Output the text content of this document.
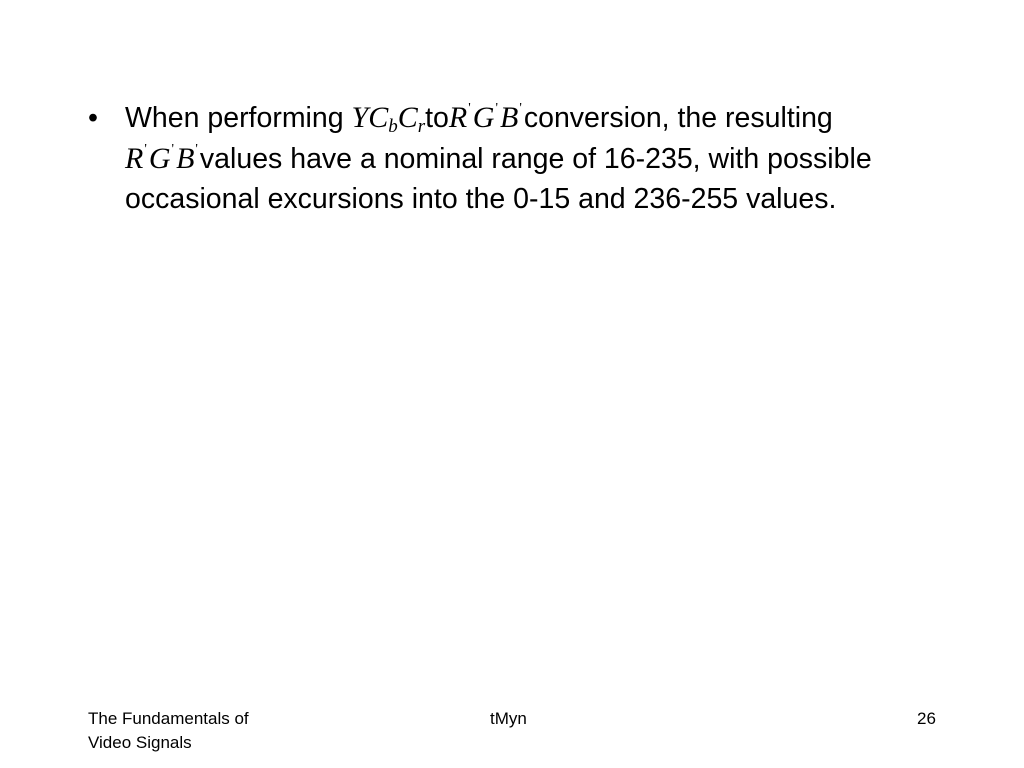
• When performing $YC_bC_rtoR'G'B'conversion$, the resulting R'G'B'values have a nominal range of 16-235, with possible occasional excursions into the 0-15 and 236-255 values.
The Fundamentals of
Video Signals
tMyn	26
